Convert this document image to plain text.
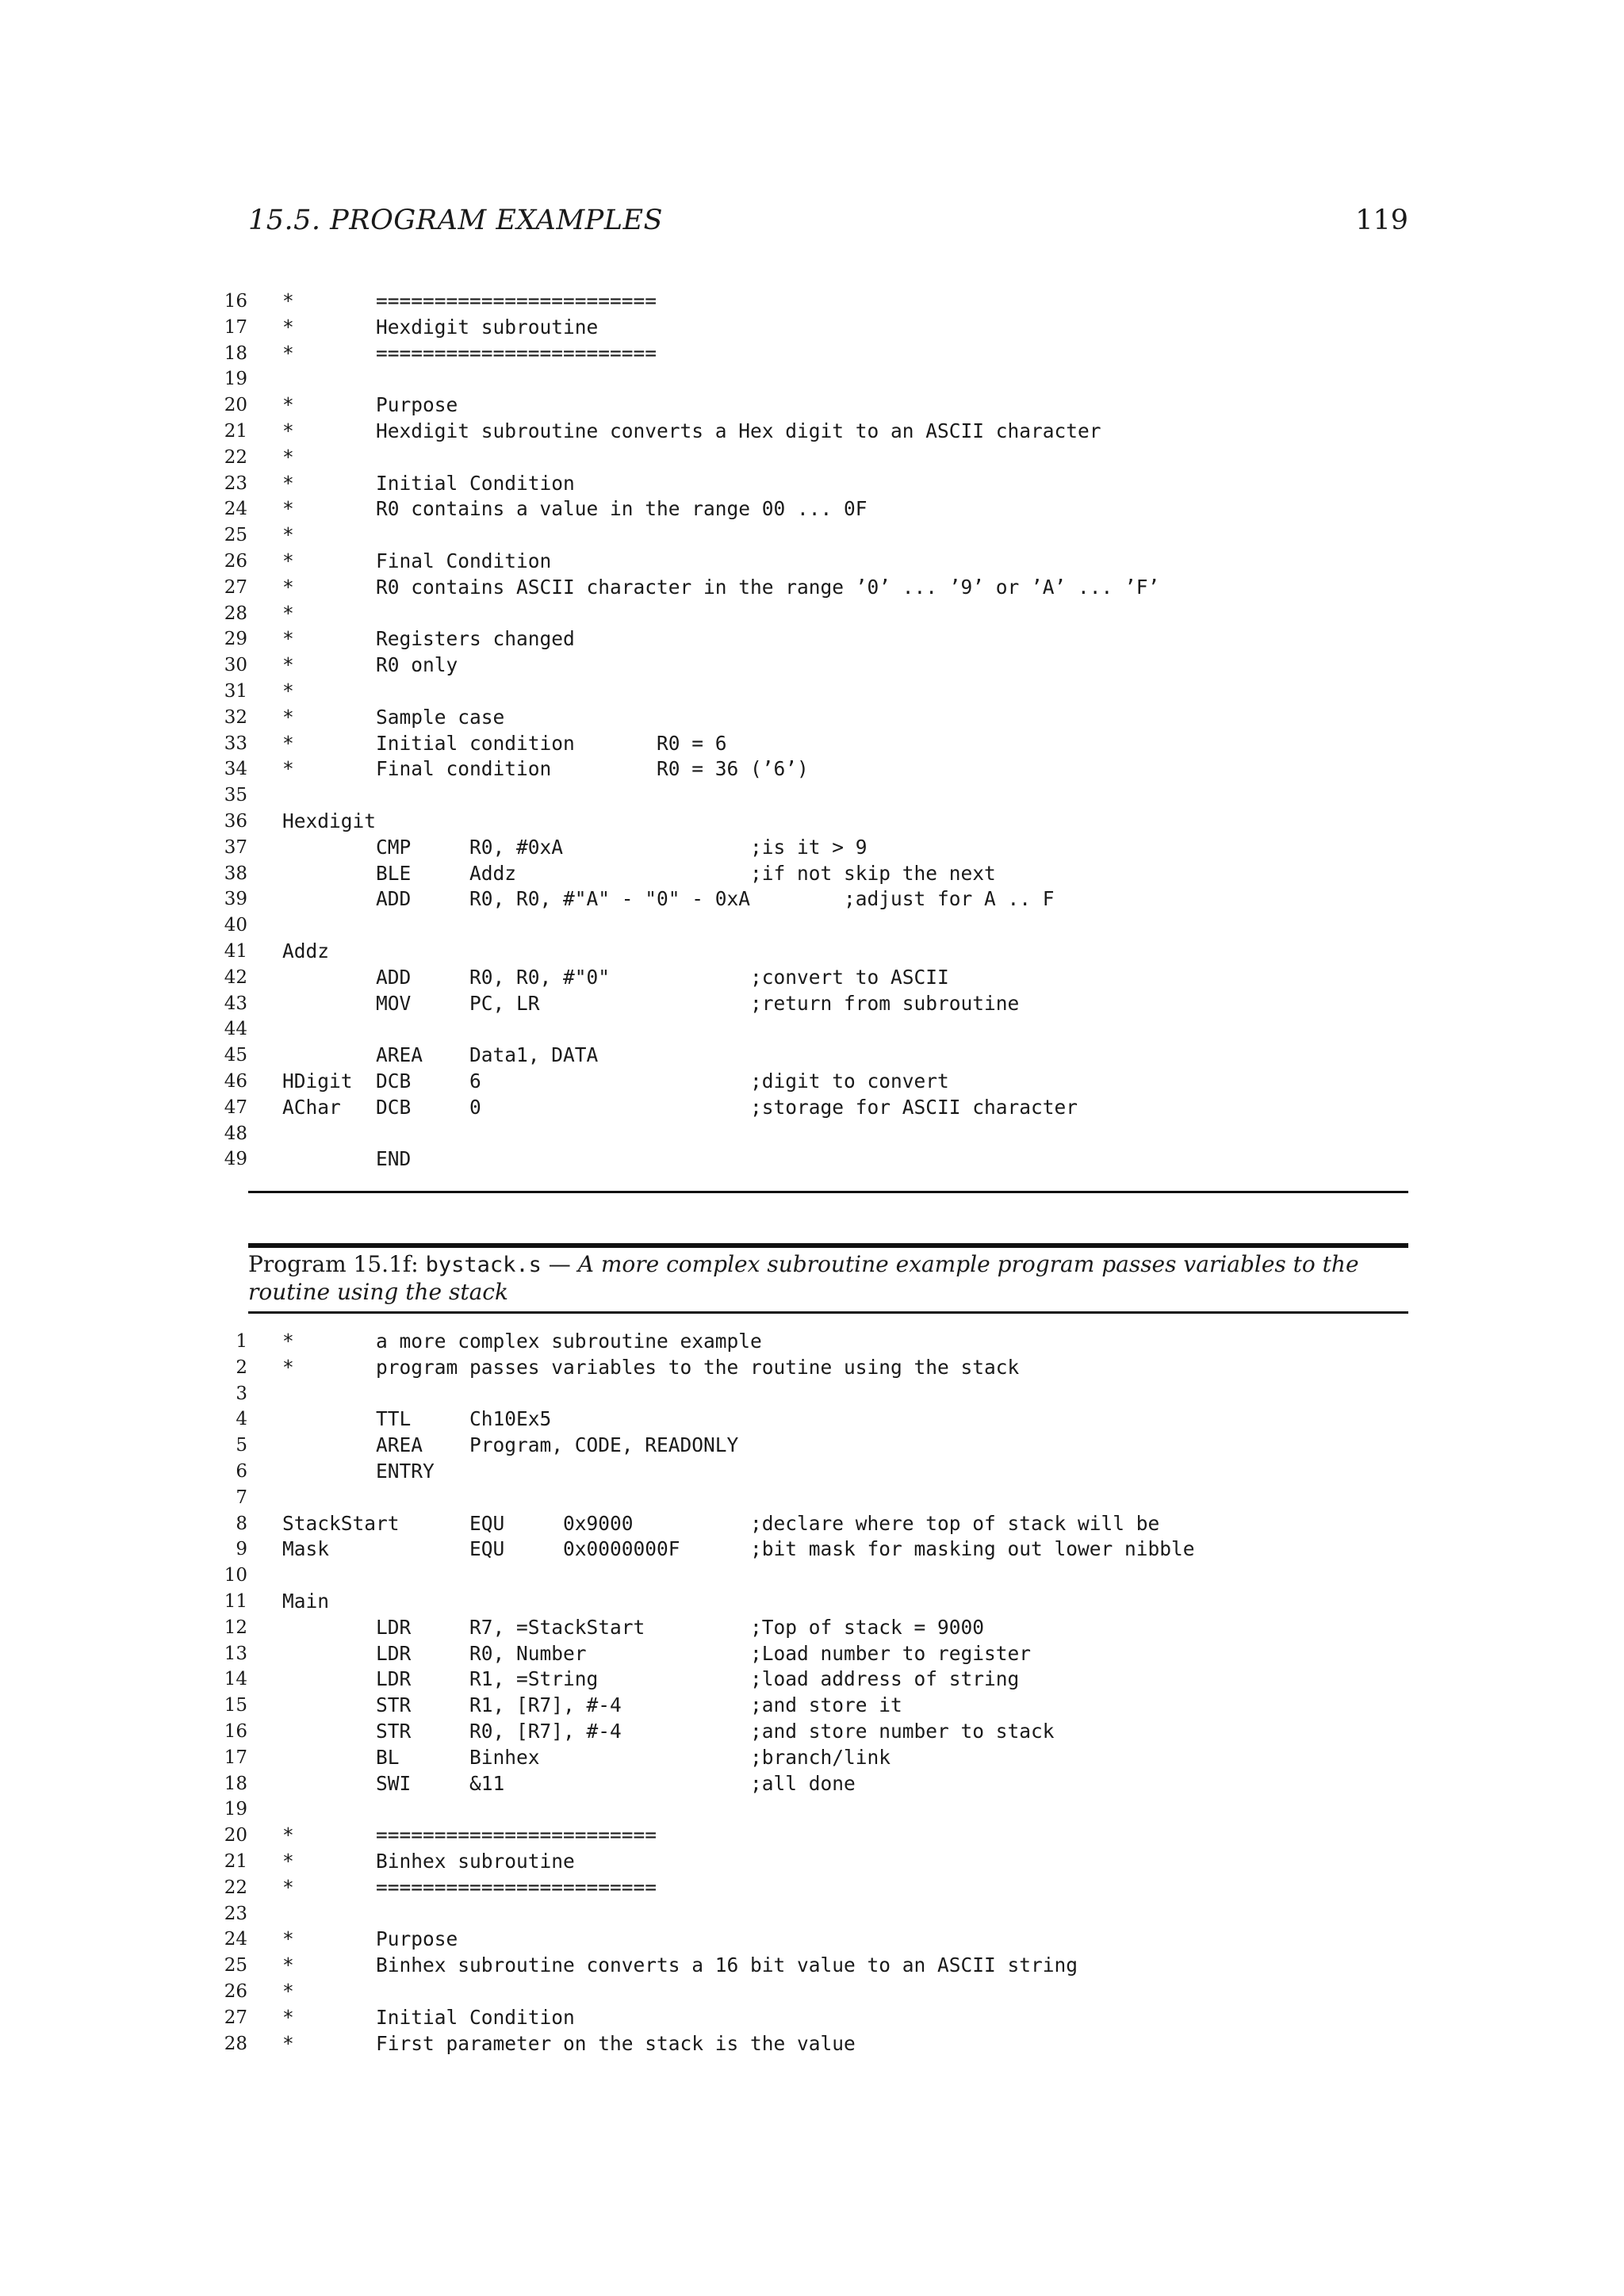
15.5. PROGRAM EXAMPLES	119
16 *       ========================
17 *       Hexdigit subroutine
18 *       ========================
19
20 *       Purpose
21 *       Hexdigit subroutine converts a Hex digit to an ASCII character
22 *
23 *       Initial Condition
24 *       R0 contains a value in the range 00 ... 0F
25 *
26 *       Final Condition
27 *       R0 contains ASCII character in the range ’0’ ... ’9’ or ’A’ ... ’F’
28 *
29 *       Registers changed
30 *       R0 only
31 *
32 *       Sample case
33 *       Initial condition       R0 = 6
34 *       Final condition         R0 = 36 (’6’)
35
36 Hexdigit
37 CMP     R0, #0xA                ;is it > 9
38 BLE     Addz                    ;if not skip the next
39 ADD     R0, R0, #"A" - "0" - 0xA        ;adjust for A .. F
40
41 Addz
42 ADD     R0, R0, #"0"            ;convert to ASCII
43 MOV     PC, LR                  ;return from subroutine
44
45 AREA    Data1, DATA
46 HDigit  DCB     6                       ;digit to convert
47 AChar   DCB     0                       ;storage for ASCII character
48
49 END
Program 15.1f: bystack.s — A more complex subroutine example program passes variables to the routine using the stack
1 *       a more complex subroutine example
2 *       program passes variables to the routine using the stack
3
4 TTL     Ch10Ex5
5 AREA    Program, CODE, READONLY
6 ENTRY
7
8 StackStart      EQU     0x9000          ;declare where top of stack will be
9 Mask            EQU     0x0000000F      ;bit mask for masking out lower nibble
10
11 Main
12 LDR     R7, =StackStart         ;Top of stack = 9000
13 LDR     R0, Number              ;Load number to register
14 LDR     R1, =String             ;load address of string
15 STR     R1, [R7], #-4           ;and store it
16 STR     R0, [R7], #-4           ;and store number to stack
17 BL      Binhex                  ;branch/link
18 SWI     &11                     ;all done
19
20 *       ========================
21 *       Binhex subroutine
22 *       ========================
23
24 *       Purpose
25 *       Binhex subroutine converts a 16 bit value to an ASCII string
26 *
27 *       Initial Condition
28 *       First parameter on the stack is the value
